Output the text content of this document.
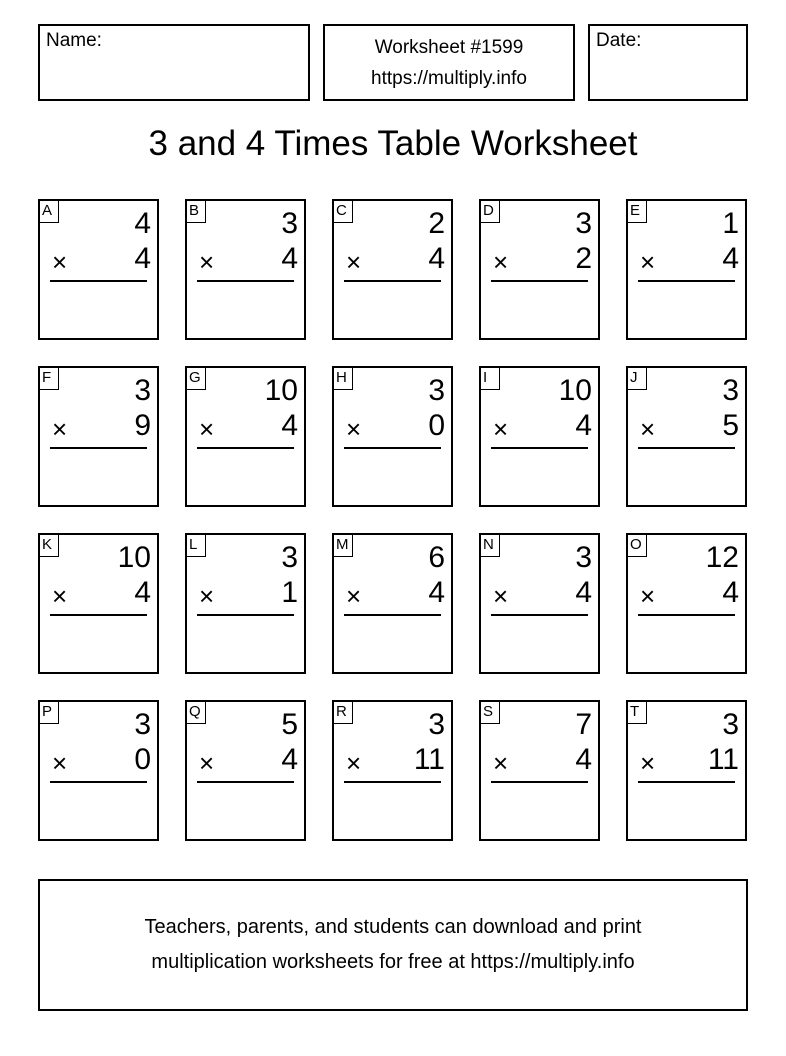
Name:	Worksheet #1599
https://multiply.info
Date:
3 and 4 Times Table Worksheet
A	4
× 4
B	3
× 4
C	2
× 4
D	3
× 2
E	1
× 4
F	3
× 9
G 10
× 4
H	3
× 0
I	10
× 4
J	3
× 5
K 10
× 4
L	3
× 1
M	6
× 4
N	3
× 4
O 12
× 4
P	3
× 0
Q	5
× 4
R	3
× 11
S	7
× 4
T	3
× 11
Teachers, parents, and students can download and print
multiplication worksheets for free at https://multiply.info
